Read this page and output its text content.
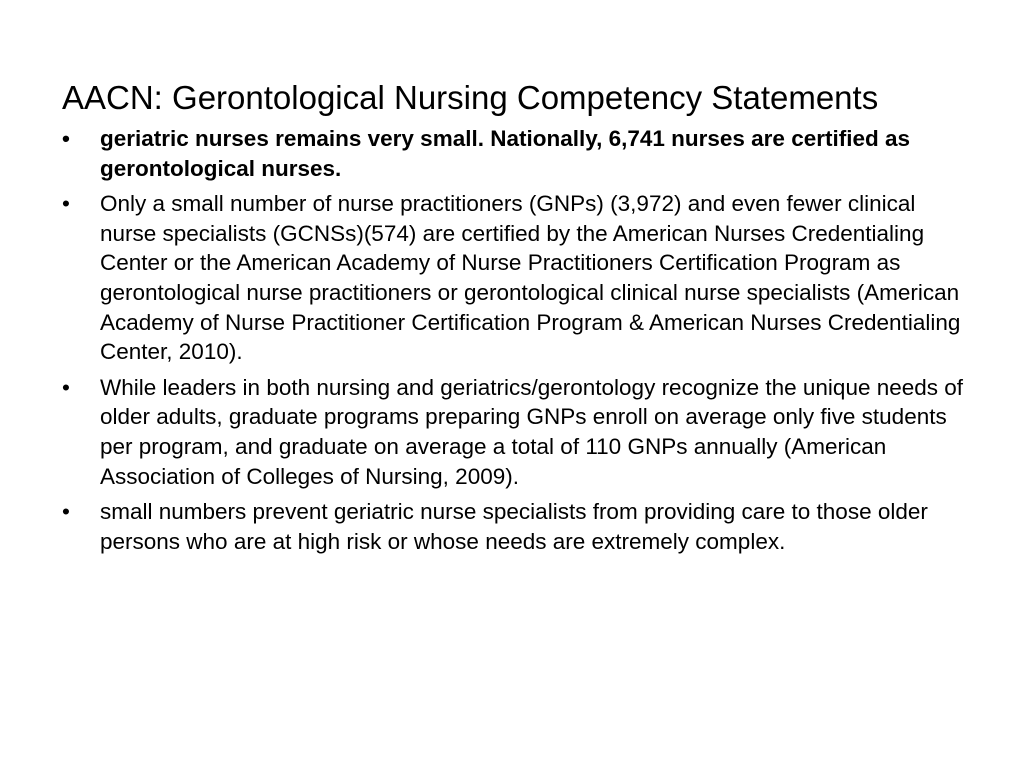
AACN: Gerontological Nursing Competency Statements
•	geriatric nurses remains very small. Nationally, 6,741 nurses are certified as gerontological nurses.
•	Only a small number of nurse practitioners (GNPs) (3,972) and even fewer clinical nurse specialists (GCNSs)(574) are certified by the American Nurses Credentialing Center or the American Academy of Nurse Practitioners Certification Program as gerontological nurse practitioners or gerontological clinical nurse specialists (American Academy of Nurse Practitioner Certification Program & American Nurses Credentialing Center, 2010).
•	While leaders in both nursing and geriatrics/gerontology recognize the unique needs of older adults, graduate programs preparing GNPs enroll on average only five students per program, and graduate on average a total of 110 GNPs annually (American Association of Colleges of Nursing, 2009).
•	small numbers prevent geriatric nurse specialists from providing care to those older persons who are at high risk or whose needs are extremely complex.
